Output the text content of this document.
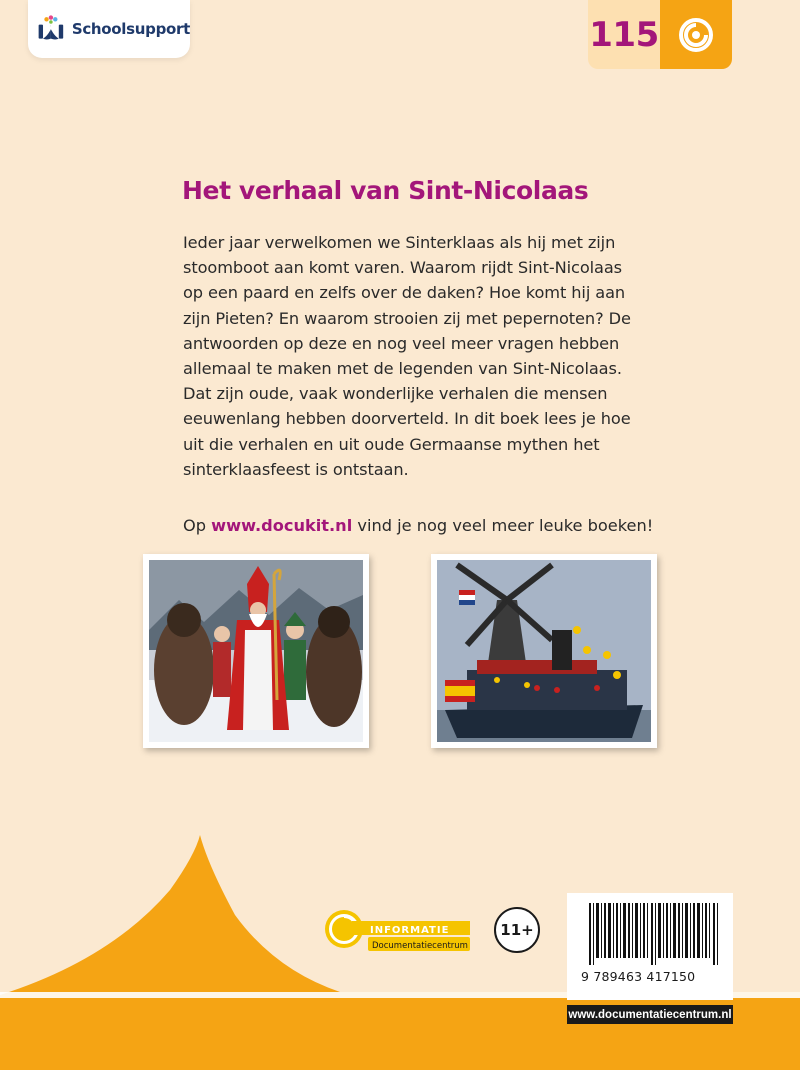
Schoolsupport	115
Het verhaal van Sint-Nicolaas
Ieder jaar verwelkomen we Sinterklaas als hij met zijn
stoomboot aan komt varen. Waarom rijdt Sint-Nicolaas
op een paard en zelfs over de daken? Hoe komt hij aan
zijn Pieten? En waarom strooien zij met pepernoten? De
antwoorden op deze en nog veel meer vragen hebben
allemaal te maken met de legenden van Sint-Nicolaas.
Dat zijn oude, vaak wonderlijke verhalen die mensen
eeuwenlang hebben doorverteld. In dit boek lees je hoe
uit die verhalen en uit oude Germaanse mythen het
sinterklaasfeest is ontstaan.
Op www.docukit.nl vind je nog veel meer leuke boeken!
INFORMATIE
Documentatiecentrum
11+
9 789463 417150
www.documentatiecentrum.nl
